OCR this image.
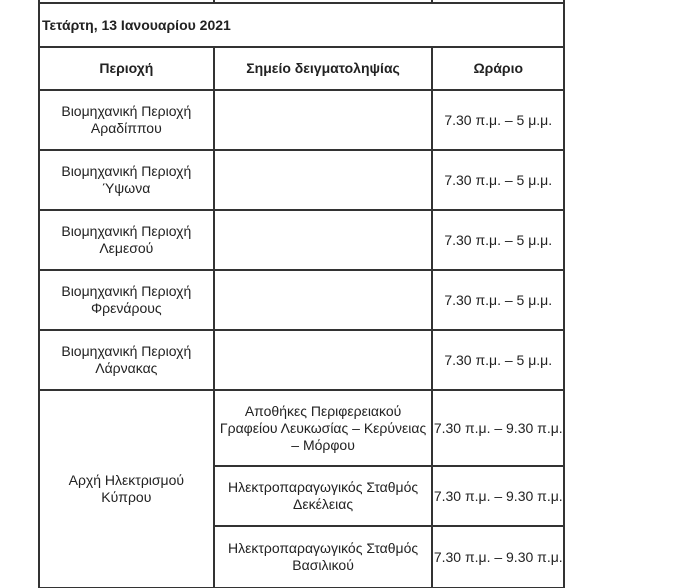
Τετάρτη, 13 Ιανουαρίου 2021		
Περιοχή	Σημείο δειγματοληψίας	Ωράριο

Βιομηχανική Περιοχή Αραδίππου		7.30 π.μ. – 5 μ.μ.

Βιομηχανική Περιοχή Ύψωνα		7.30 π.μ. – 5 μ.μ.

Βιομηχανική Περιοχή Λεμεσού		7.30 π.μ. – 5 μ.μ.

Βιομηχανική Περιοχή Φρενάρους		7.30 π.μ. – 5 μ.μ.

Βιομηχανική Περιοχή Λάρνακας		7.30 π.μ. – 5 μ.μ.

Αρχή Ηλεκτρισμού Κύπρου	Αποθήκες Περιφερειακού Γραφείου Λευκωσίας – Κερύνειας – Μόρφου	7.30 π.μ. – 9.30 π.μ.

	Ηλεκτροπαραγωγικός Σταθμός Δεκέλειας	7.30 π.μ. – 9.30 π.μ.

	Ηλεκτροπαραγωγικός Σταθμός Βασιλικού	7.30 π.μ. – 9.30 π.μ.
